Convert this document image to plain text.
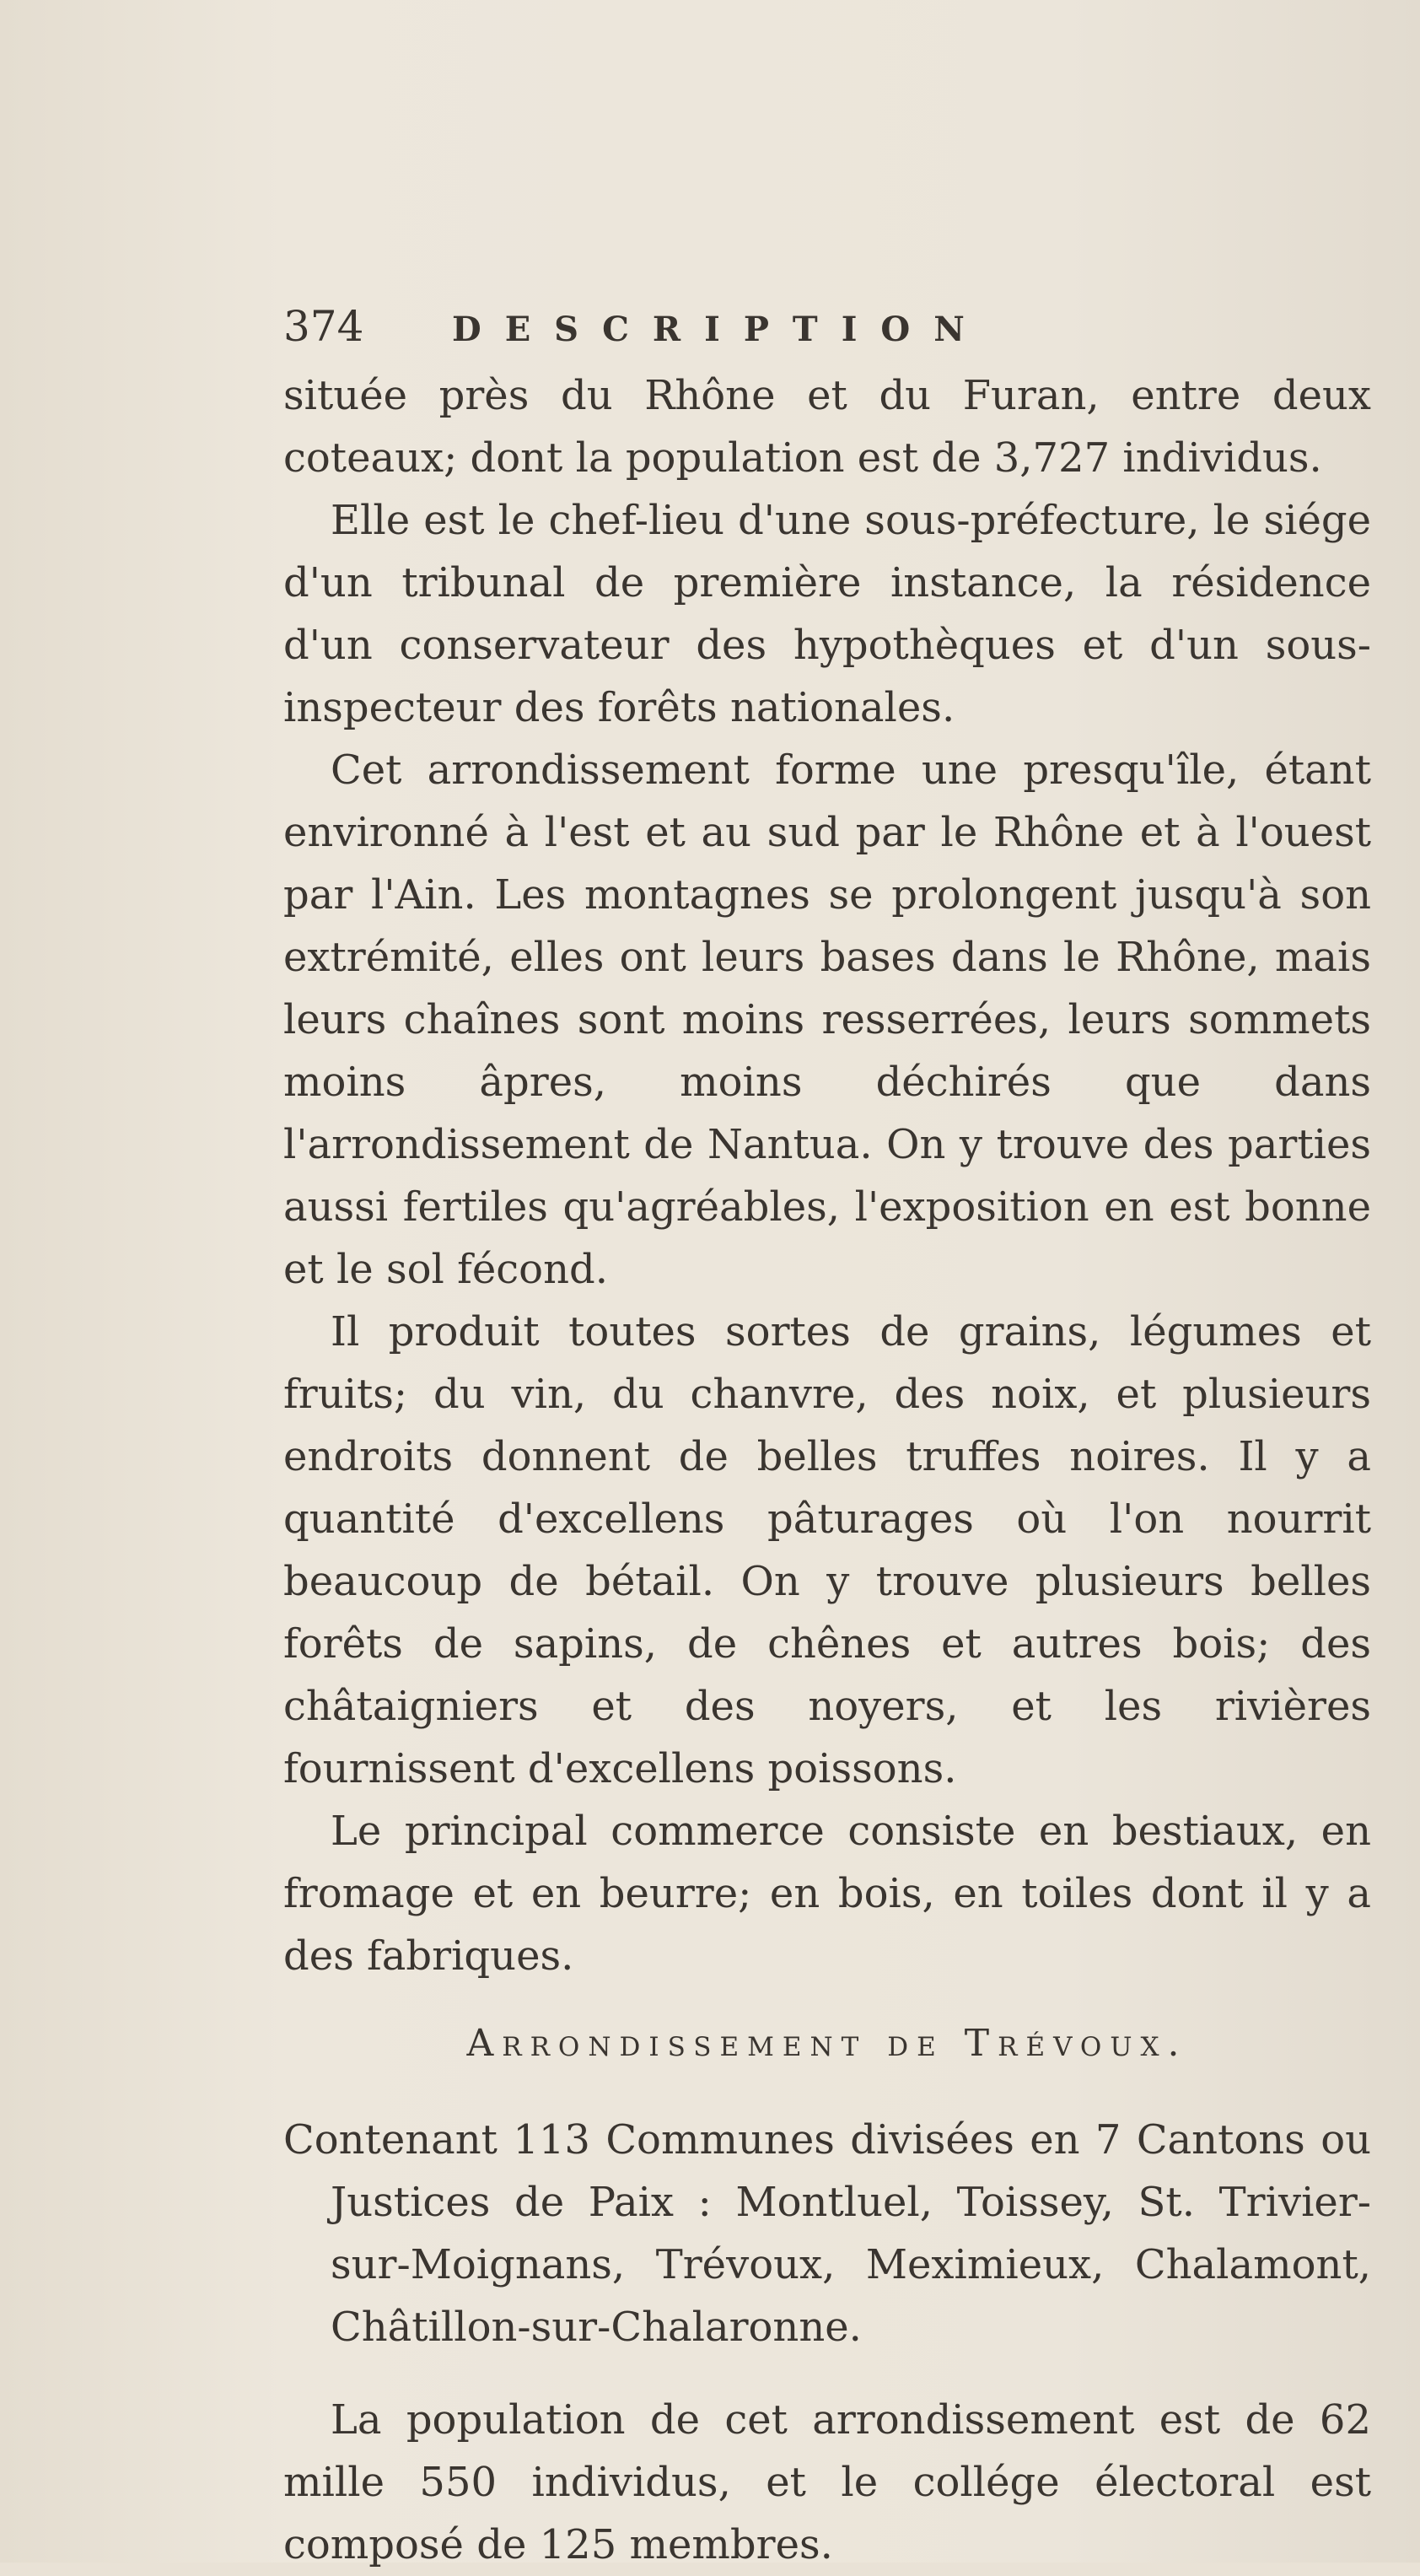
374	DESCRIPTION

située près du Rhône et du Furan, entre deux coteaux; dont la population est de 3,727 individus.

Elle est le chef-lieu d'une sous-préfecture, le siége d'un tribunal de première instance, la résidence d'un conservateur des hypothèques et d'un sous-inspecteur des forêts nationales.

Cet arrondissement forme une presqu'île, étant environné à l'est et au sud par le Rhône et à l'ouest par l'Ain. Les montagnes se prolongent jusqu'à son extrémité, elles ont leurs bases dans le Rhône, mais leurs chaînes sont moins resserrées, leurs sommets moins âpres, moins déchirés que dans l'arrondissement de Nantua. On y trouve des parties aussi fertiles qu'agréables, l'exposition en est bonne et le sol fécond.

Il produit toutes sortes de grains, légumes et fruits; du vin, du chanvre, des noix, et plusieurs endroits donnent de belles truffes noires. Il y a quantité d'excellens pâturages où l'on nourrit beaucoup de bétail. On y trouve plusieurs belles forêts de sapins, de chênes et autres bois; des châtaigniers et des noyers, et les rivières fournissent d'excellens poissons.

Le principal commerce consiste en bestiaux, en fromage et en beurre; en bois, en toiles dont il y a des fabriques.

Arrondissement de Trévoux.

Contenant 113 Communes divisées en 7 Cantons ou Justices de Paix : Montluel, Toissey, St. Trivier-sur-Moignans, Trévoux, Meximieux, Chalamont, Châtillon-sur-Chalaronne.

La population de cet arrondissement est de 62 mille 550 individus, et le collége électoral est composé de 125 membres.
